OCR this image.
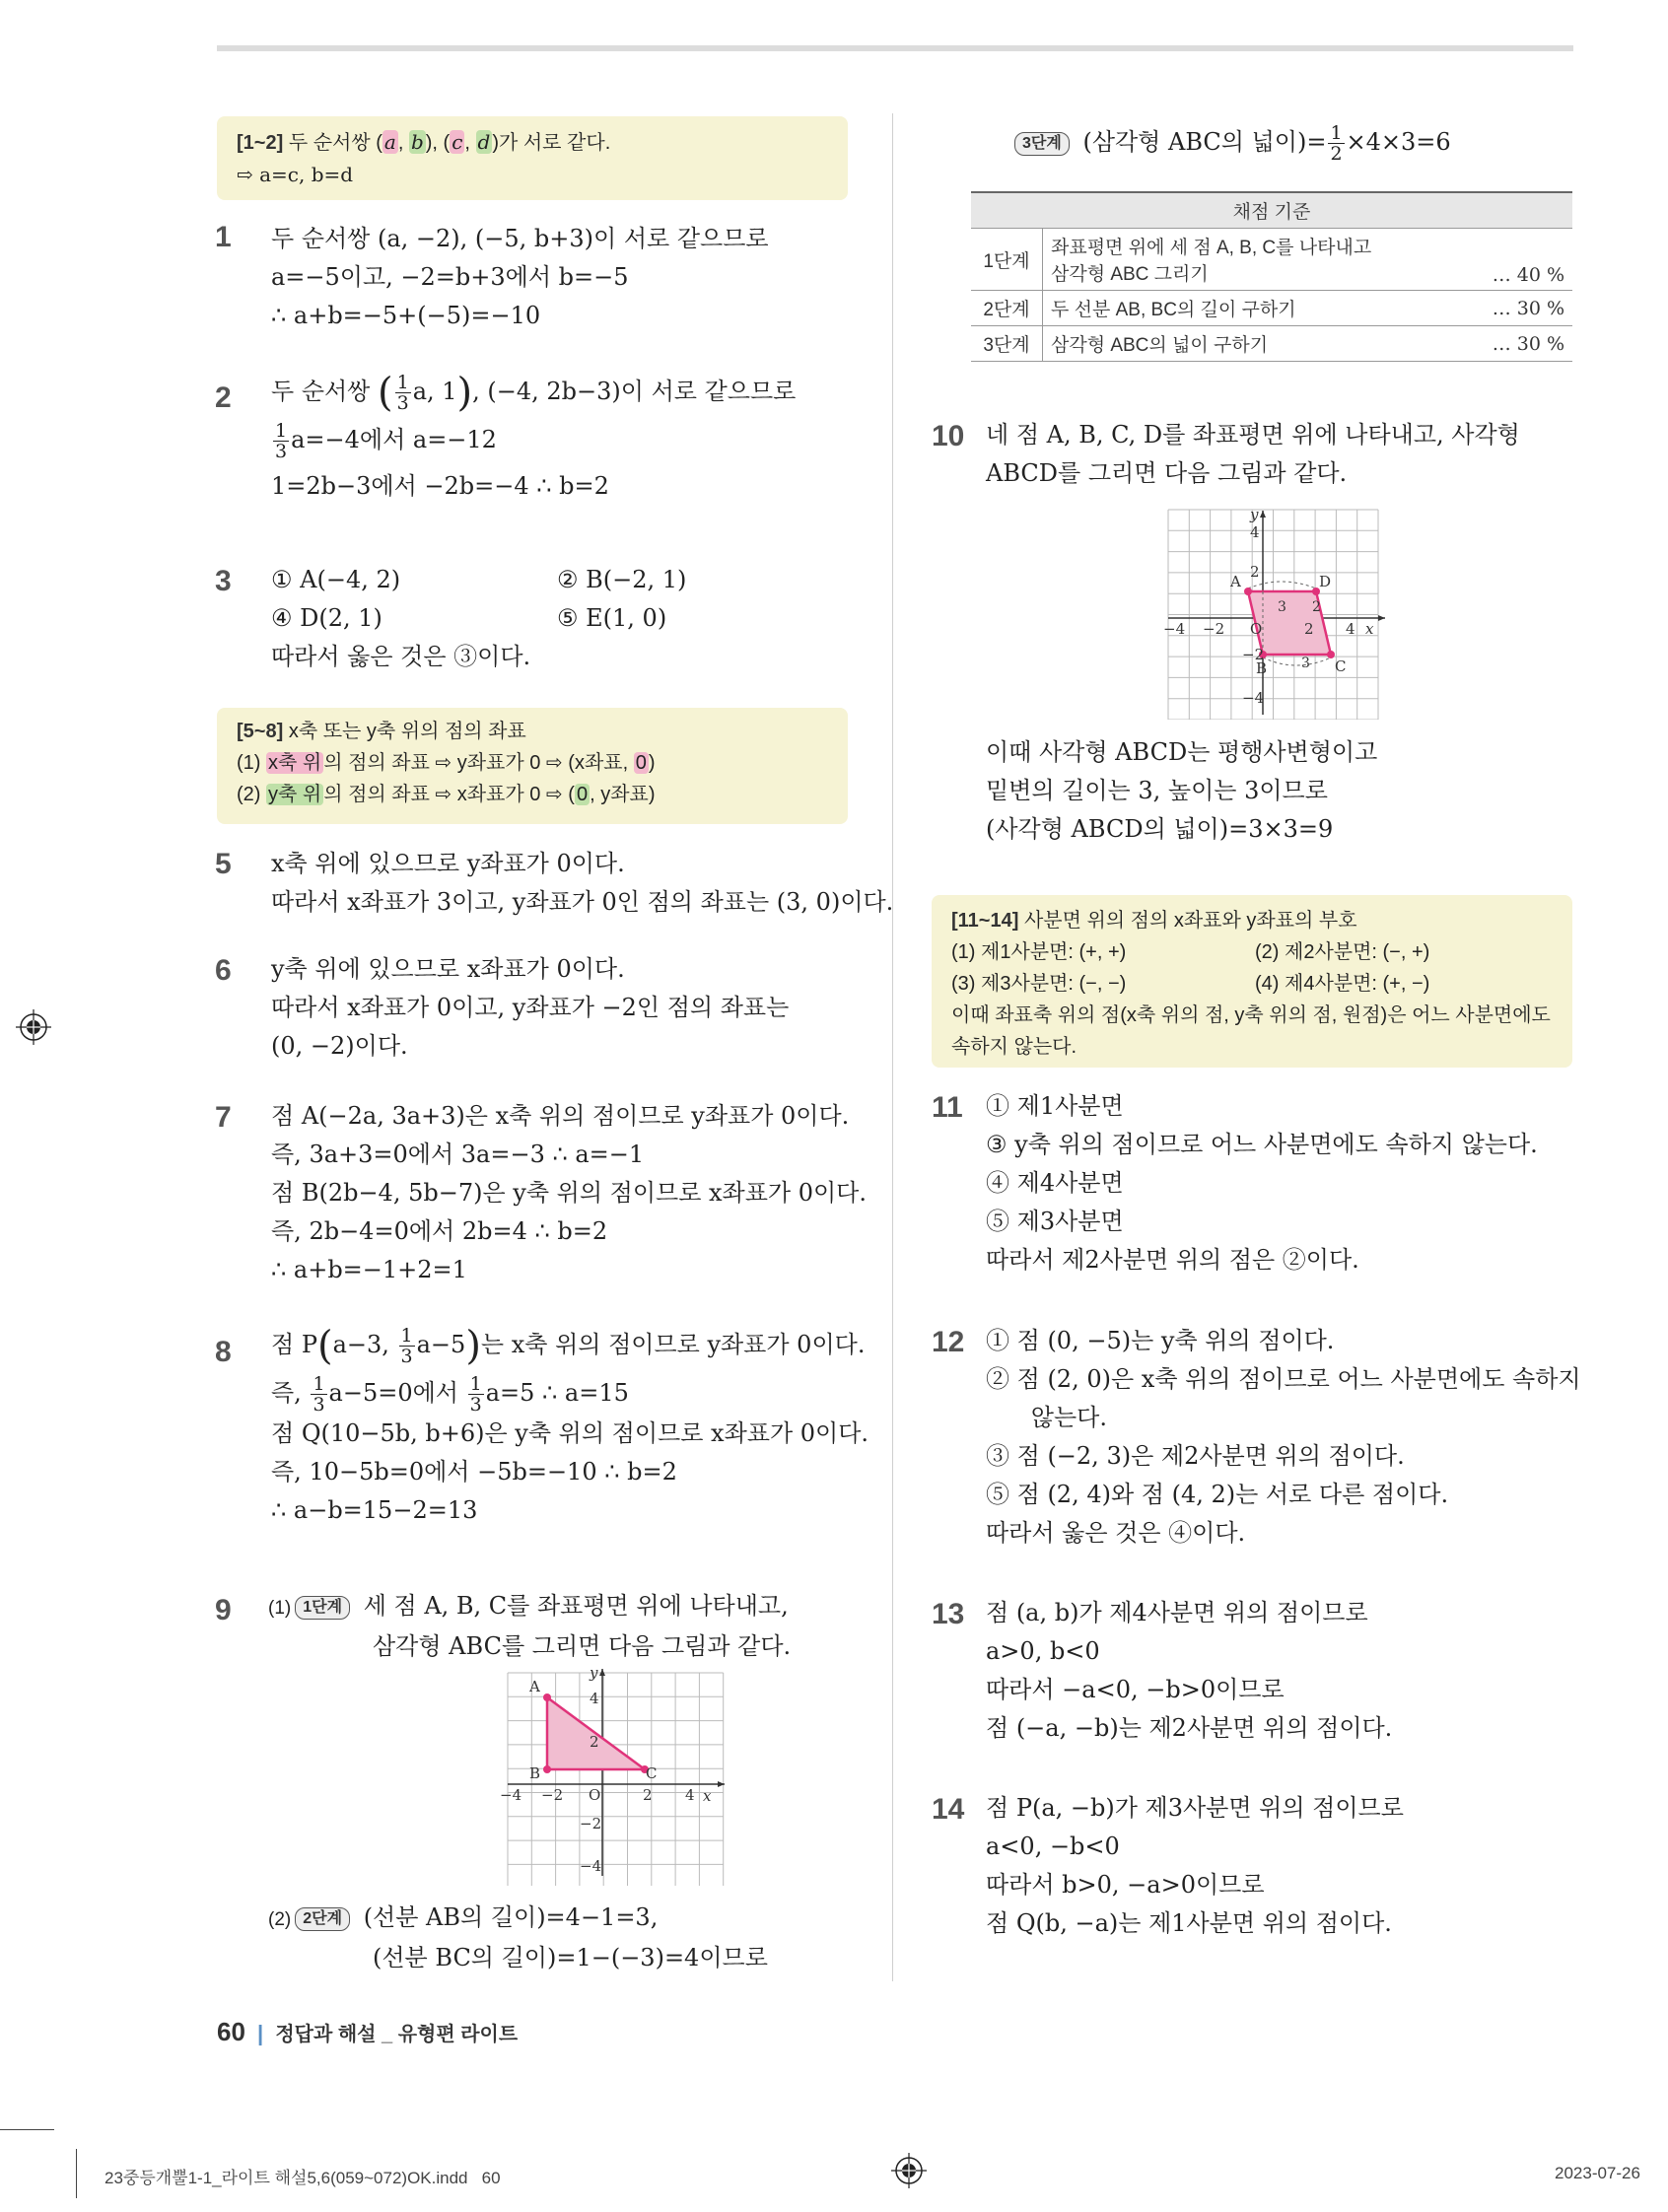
[1~2] 두 순서쌍 ( a , b ), ( c , d )가 서로 같다.
⇨ a=c, b=d
1 두 순서쌍 (a, −2), (−5, b+3)이 서로 같으므로
a=−5이고, −2=b+3에서 b=−5
∴ a+b=−5+(−5)=−10
2 두 순서쌍 ( $\frac{1}{3} a$, 1), (−4, 2b−3)이 서로 같으므로
$\frac{1}{3} a=-4$에서 a=−12
1=2b−3에서 −2b=−4 ∴ b=2
3 ① A(−4, 2)
④ D(2, 1)
② B(−2, 1)
⑤ E(1, 0)
따라서 옳은 것은 ③이다.
[5~8] x축 또는 y축 위의 점의 좌표
(1) x축 위 의 점의 좌표 ⇨ y좌표가 0 ⇨ (x좌표, 0 )
(2) y축 위 의 점의 좌표 ⇨ x좌표가 0 ⇨ ( 0 , y좌표)
5 x축 위에 있으므로 y좌표가 0이다.
따라서 x좌표가 3이고, y좌표가 0인 점의 좌표는 (3, 0)이다.
6 y축 위에 있으므로 x좌표가 0이다.
따라서 x좌표가 0이고, y좌표가 −2인 점의 좌표는
(0, −2)이다.
7 점 A(−2a, 3a+3)은 x축 위의 점이므로 y좌표가 0이다.
즉, 3a+3=0에서 3a=−3 ∴ a=−1
점 B(2b−4, 5b−7)은 y축 위의 점이므로 x좌표가 0이다.
즉, 2b−4=0에서 2b=4 ∴ b=2
∴ a+b=−1+2=1
8 점 P(a−3, $\frac{1}{3} a-5$)는 x축 위의 점이므로 y좌표가 0이다.
즉, $\frac{1}{3} a-5=0$에서 $\frac{1}{3} a=5$ ∴ a=15
점 Q(10−5b, b+6)은 y축 위의 점이므로 x좌표가 0이다.
즉, 10−5b=0에서 −5b=−10 ∴ b=2
∴ a−b=15−2=13
9 (1) 1단계 세 점 A, B, C를 좌표평면 위에 나타내고,
삼각형 ABC를 그리면 다음 그림과 같다.
A
B	C
O	x
y
−4 −2	2 4
4
2
−2
−4
(2) 2단계 (선분 AB의 길이)=4−1=3,
(선분 BC의 길이)=1−(−3)=4이므로
3단계 (삼각형 ABC의 넓이)= $\frac{1}{2} \times 4\times 3=6$
채점 기준		
1단계	좌표평면 위에 세 점 A, B, C를 나타내고
삼각형 ABC 그리기	… 40 %
2단계	두 선분 AB, BC의 길이 구하기	… 30 %
3단계	삼각형 ABC의 넓이 구하기	… 30 %
10 네 점 A, B, C, D를 좌표평면 위에 나타내고, 사각형
ABCD를 그리면 다음 그림과 같다.
A	D
C
B
O	x
y
−4 −2	2 4
4
2
−2
−4
3
3
2
이때 사각형 ABCD는 평행사변형이고
밑변의 길이는 3, 높이는 3이므로
(사각형 ABCD의 넓이)=3×3=9
[11~14] 사분면 위의 점의 x좌표와 y좌표의 부호
(1) 제1사분면: (+, +)
(3) 제3사분면: (−, −)
(2) 제2사분면: (−, +)
(4) 제4사분면: (+, −)
이때 좌표축 위의 점(x축 위의 점, y축 위의 점, 원점)은 어느 사분면에도
속하지 않는다.
11 ① 제1사분면
③ y축 위의 점이므로 어느 사분면에도 속하지 않는다.
④ 제4사분면
⑤ 제3사분면
따라서 제2사분면 위의 점은 ②이다.
12 ① 점 (0, −5)는 y축 위의 점이다.
② 점 (2, 0)은 x축 위의 점이므로 어느 사분면에도 속하지
않는다.
③ 점 (−2, 3)은 제2사분면 위의 점이다.
⑤ 점 (2, 4)와 점 (4, 2)는 서로 다른 점이다.
따라서 옳은 것은 ④이다.
13 점 (a, b)가 제4사분면 위의 점이므로
a>0, b<0
따라서 −a<0, −b>0이므로
점 (−a, −b)는 제2사분면 위의 점이다.
14 점 P(a, −b)가 제3사분면 위의 점이므로
a<0, −b<0
따라서 b>0, −a>0이므로
점 Q(b, −a)는 제1사분면 위의 점이다.
60 | 정답과 해설 _ 유형편 라이트
23중등개뿔1-1_라이트 해설5,6(059~072)OK.indd   60	2023-07-26
